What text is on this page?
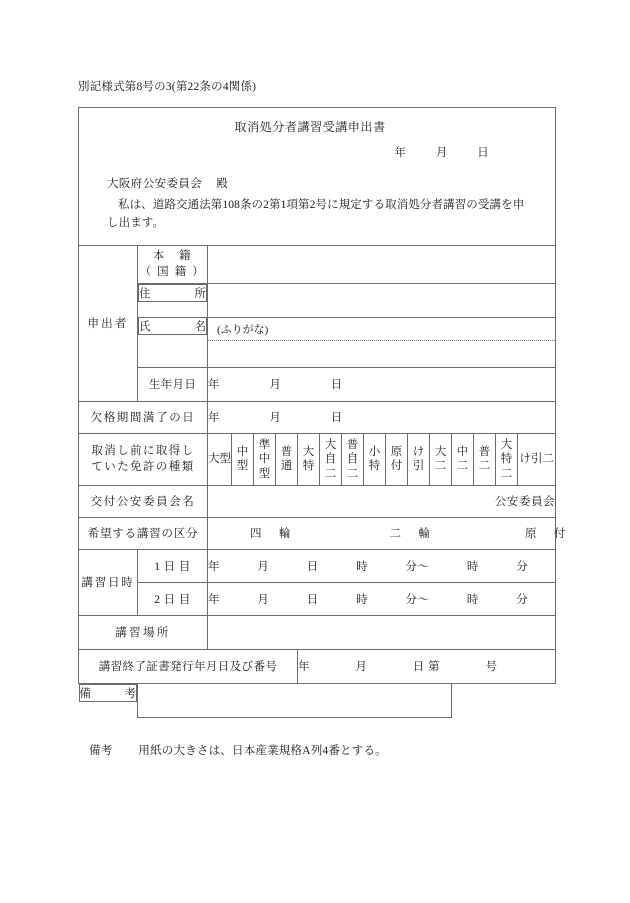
別記様式第8号の3(第22条の4関係)
取消処分者講習受講申出書
年 月 日
大阪府公安委員会 殿
私は、道路交通法第108条の2第1項第2号に規定する取消処分者講習の受講を申し出ます。																

申出者	本　籍
（ 国 籍 ）															

住	所

氏	名	(ふりがな)														

	生年月日	年 月 日														
欠格期間満了の日		年 月 日														

取消し前に取得し
ていた免許の種類		大型	中型	準中型	普通	大特	大自二	普自二	小特	原付	け引	大二	中二	普二	大特二	け引二
交付公安委員会名		公安委員会														
希望する講習の区分		四　輪 二　輪 原　付														

講習日時	1 日 目	年 月 日 時 分〜 時 分														
	2 日 目	年 月 日 時 分〜 時 分														
講習場所																
講習終了証書発行年月日及び番号						年 月 日 第 号										

備	考
備考 用紙の大きさは、日本産業規格A列4番とする。
